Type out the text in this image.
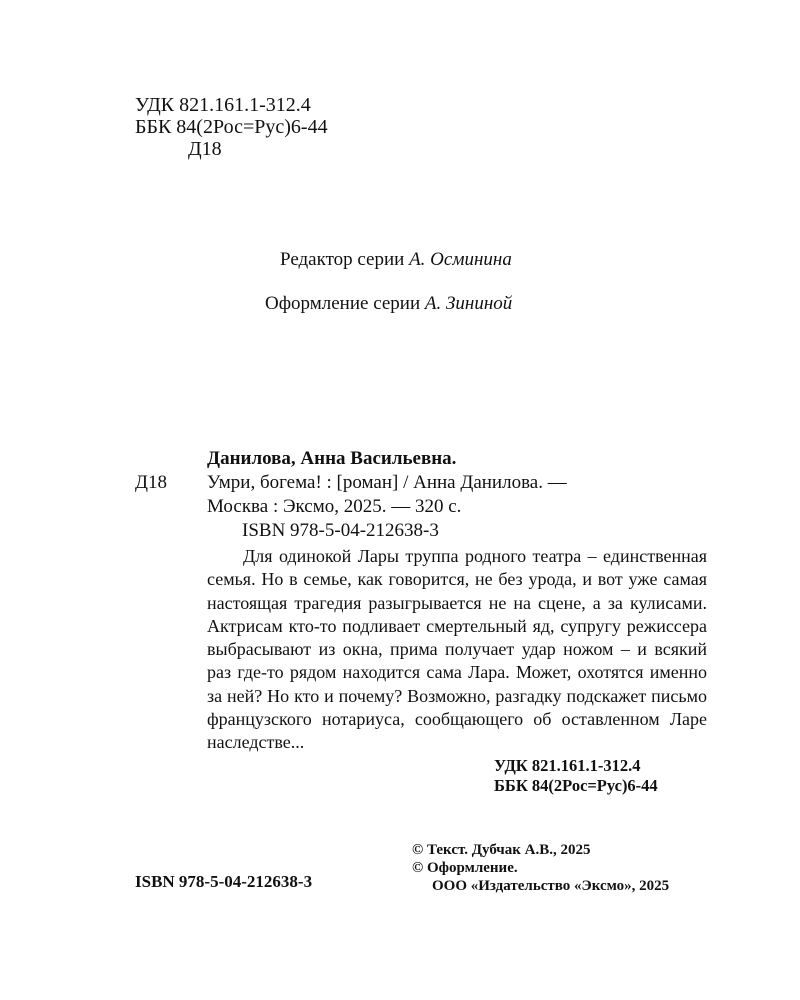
УДК 821.161.1-312.4
ББК 84(2Рос=Рус)6-44
Д18
Редактор серии А. Осминина
Оформление серии А. Зининой
Данилова, Анна Васильевна.
Д18 Умри, богема! : [роман] / Анна Данилова. —
Москва : Эксмо, 2025. — 320 с.
ISBN 978-5-04-212638-3
Для одинокой Лары труппа родного театра – единственная семья. Но в семье, как говорится, не без урода, и вот уже самая настоящая трагедия разыгрывается не на сцене, а за кулисами. Актрисам кто-то подливает смертельный яд, супругу режиссера выбрасывают из окна, прима получает удар ножом – и всякий раз где-то рядом находится сама Лара. Может, охотятся именно за ней? Но кто и почему? Возможно, разгадку подскажет письмо французского нотариуса, сообщающего об оставленном Ларе наследстве...
УДК 821.161.1-312.4
ББК 84(2Рос=Рус)6-44
ISBN 978-5-04-212638-3
© Текст. Дубчак А.В., 2025
© Оформление.
ООО «Издательство «Эксмо», 2025
